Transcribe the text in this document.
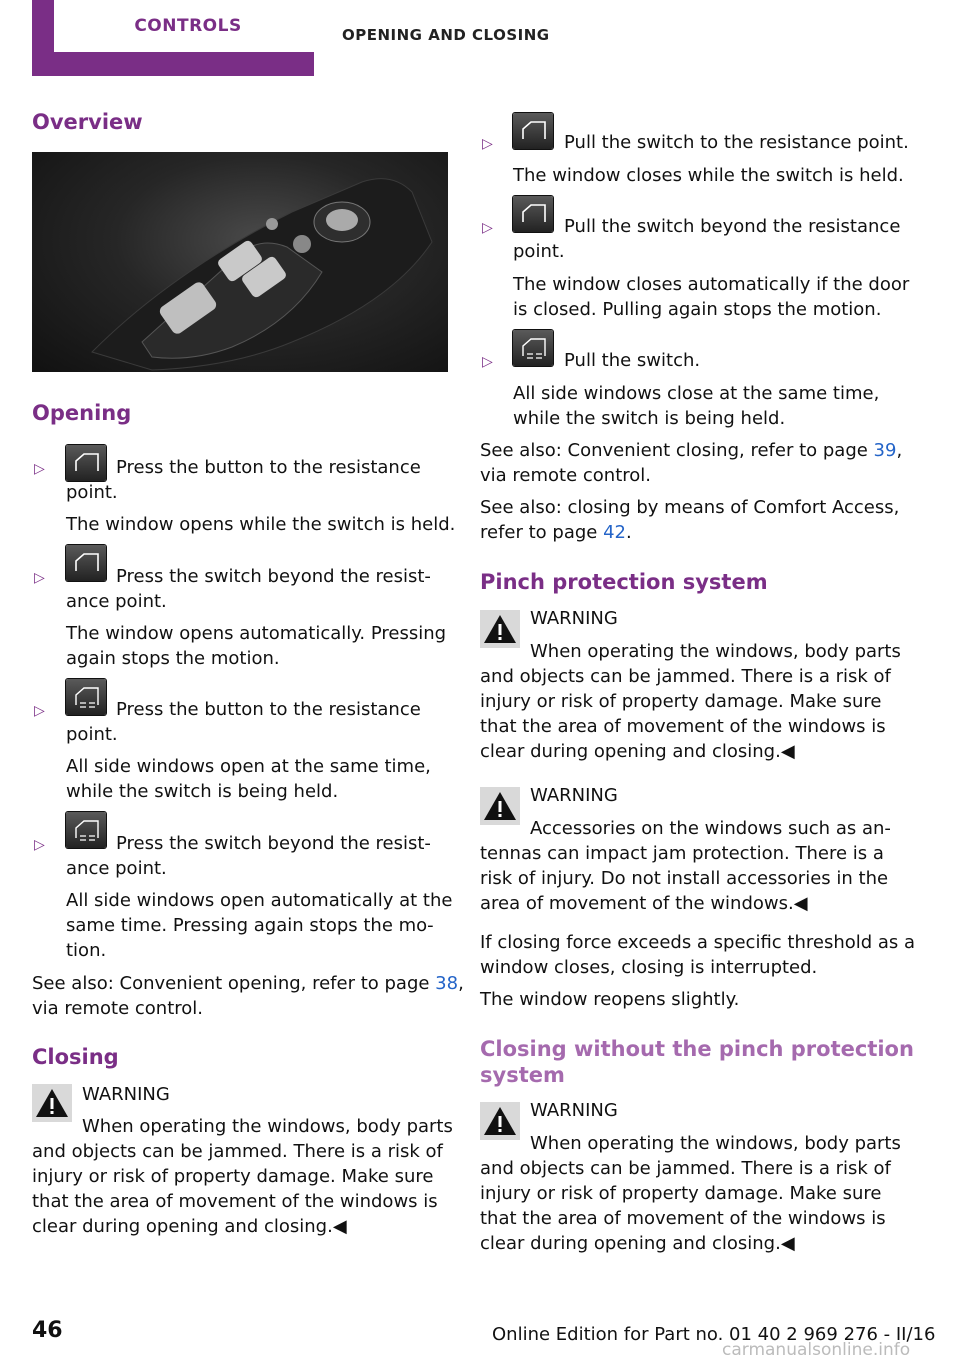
CONTROLS	OPENING AND CLOSING
Overview
Opening
▷	Press the button to the resistance
point.
The window opens while the switch is held.
▷	Press the switch beyond the resist‐
ance point.
The window opens automatically. Pressing
again stops the motion.
▷	Press the button to the resistance
point.
All side windows open at the same time,
while the switch is being held.
▷	Press the switch beyond the resist‐
ance point.
All side windows open automatically at the
same time. Pressing again stops the mo‐
tion.
See also: Convenient opening, refer to page 38,
via remote control.
Closing
WARNING
When operating the windows, body parts
and objects can be jammed. There is a risk of
injury or risk of property damage. Make sure
that the area of movement of the windows is
clear during opening and closing.◀
▷	Pull the switch to the resistance point.
The window closes while the switch is held.
▷	Pull the switch beyond the resistance
point.
The window closes automatically if the door
is closed. Pulling again stops the motion.
▷	Pull the switch.
All side windows close at the same time,
while the switch is being held.
See also: Convenient closing, refer to page 39,
via remote control.
See also: closing by means of Comfort Access,
refer to page 42.
Pinch protection system
WARNING
When operating the windows, body parts
and objects can be jammed. There is a risk of
injury or risk of property damage. Make sure
that the area of movement of the windows is
clear during opening and closing.◀
WARNING
Accessories on the windows such as an‐
tennas can impact jam protection. There is a
risk of injury. Do not install accessories in the
area of movement of the windows.◀
If closing force exceeds a specific threshold as a
window closes, closing is interrupted.
The window reopens slightly.
Closing without the pinch protection
system
WARNING
When operating the windows, body parts
and objects can be jammed. There is a risk of
injury or risk of property damage. Make sure
that the area of movement of the windows is
clear during opening and closing.◀
46	Online Edition for Part no. 01 40 2 969 276 - II/16
carmanualsonline.info
